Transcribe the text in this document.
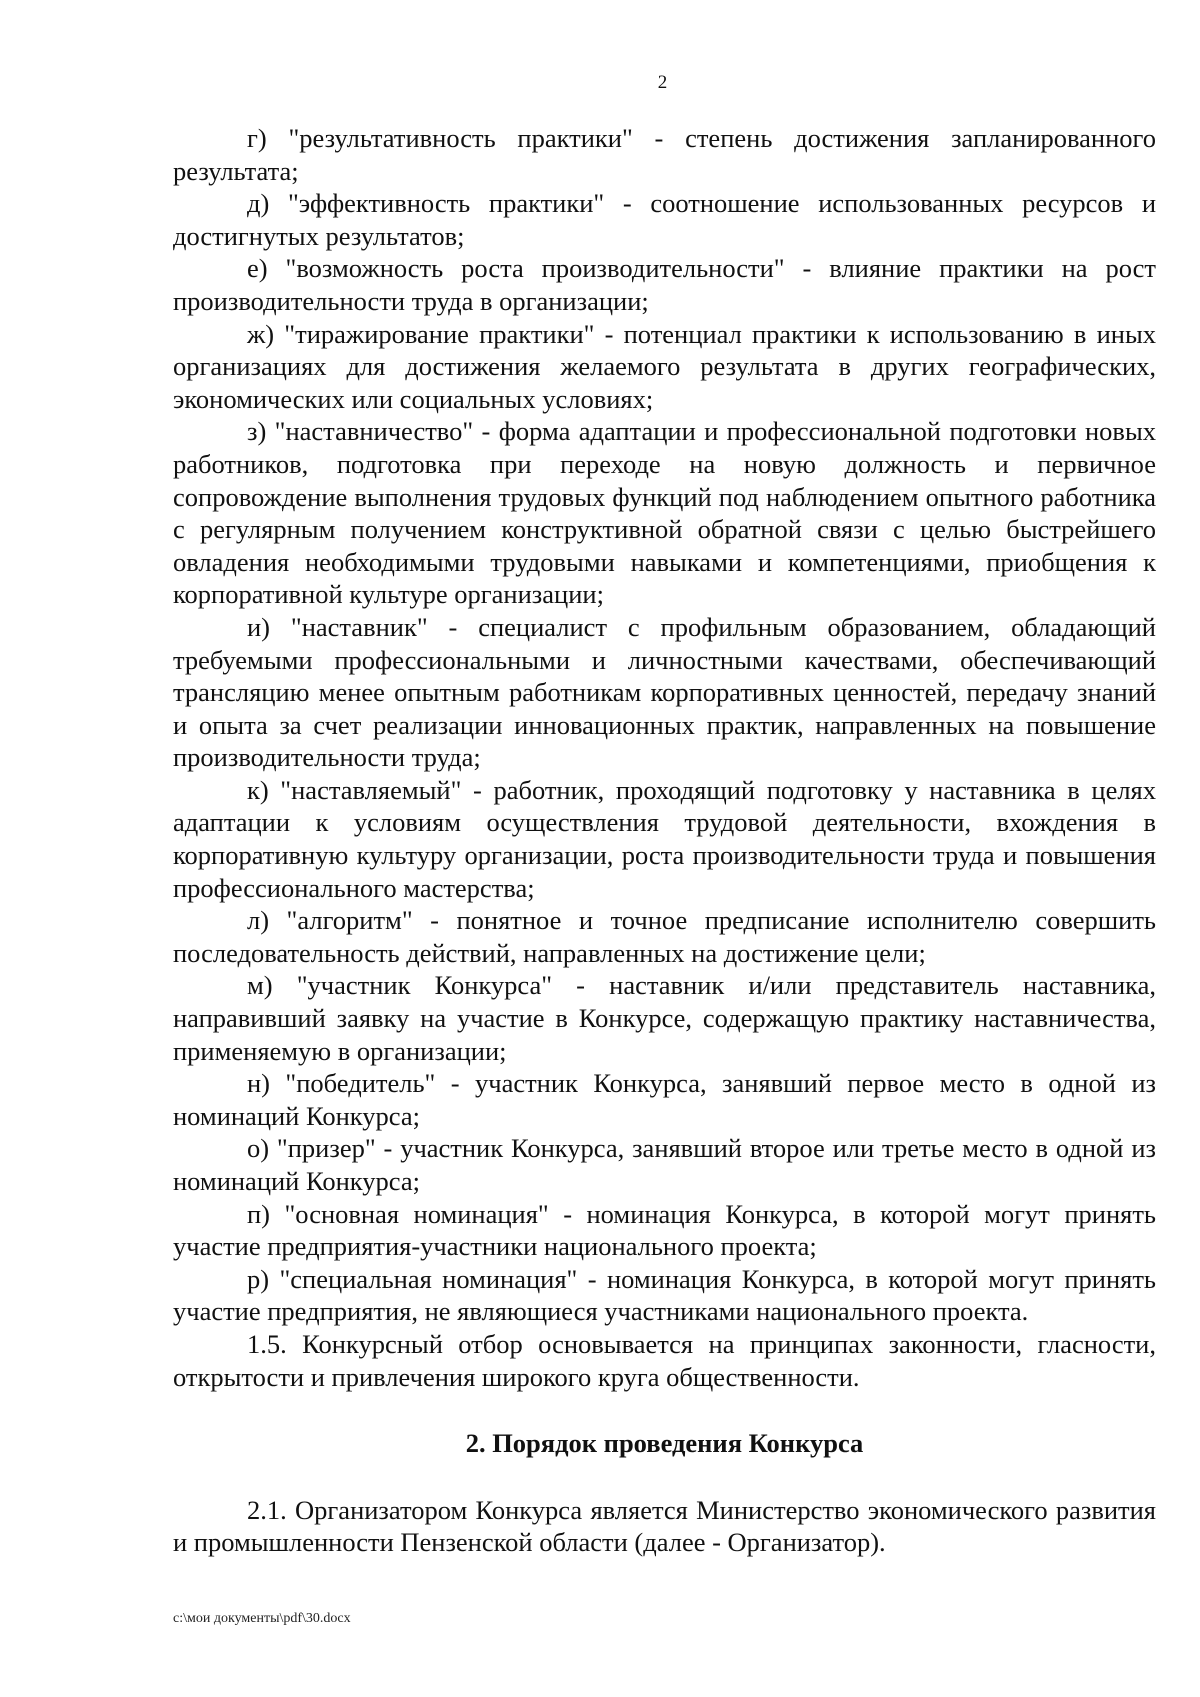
2

г) "результативность практики" - степень достижения запланированного результата;

д) "эффективность практики" - соотношение использованных ресурсов и достигнутых результатов;

е) "возможность роста производительности" - влияние практики на рост производительности труда в организации;

ж) "тиражирование практики" - потенциал практики к использованию в иных организациях для достижения желаемого результата в других географических, экономических или социальных условиях;

з) "наставничество" - форма адаптации и профессиональной подготовки новых работников, подготовка при переходе на новую должность и первичное сопровождение выполнения трудовых функций под наблюдением опытного работника с регулярным получением конструктивной обратной связи с целью быстрейшего овладения необходимыми трудовыми навыками и компетенциями, приобщения к корпоративной культуре организации;

и) "наставник" - специалист с профильным образованием, обладающий требуемыми профессиональными и личностными качествами, обеспечивающий трансляцию менее опытным работникам корпоративных ценностей, передачу знаний и опыта за счет реализации инновационных практик, направленных на повышение производительности труда;

к) "наставляемый" - работник, проходящий подготовку у наставника в целях адаптации к условиям осуществления трудовой деятельности, вхождения в корпоративную культуру организации, роста производительности труда и повышения профессионального мастерства;

л) "алгоритм" - понятное и точное предписание исполнителю совершить последовательность действий, направленных на достижение цели;

м) "участник Конкурса" - наставник и/или представитель наставника, направивший заявку на участие в Конкурсе, содержащую практику наставничества, применяемую в организации;

н) "победитель" - участник Конкурса, занявший первое место в одной из номинаций Конкурса;

о) "призер" - участник Конкурса, занявший второе или третье место в одной из номинаций Конкурса;

п) "основная номинация" - номинация Конкурса, в которой могут принять участие предприятия-участники национального проекта;

р) "специальная номинация" - номинация Конкурса, в которой могут принять участие предприятия, не являющиеся участниками национального проекта.

1.5. Конкурсный отбор основывается на принципах законности, гласности, открытости и привлечения широкого круга общественности.

2. Порядок проведения Конкурса

2.1. Организатором Конкурса является Министерство экономического развития и промышленности Пензенской области (далее - Организатор).

c:\мои документы\pdf\30.docx
